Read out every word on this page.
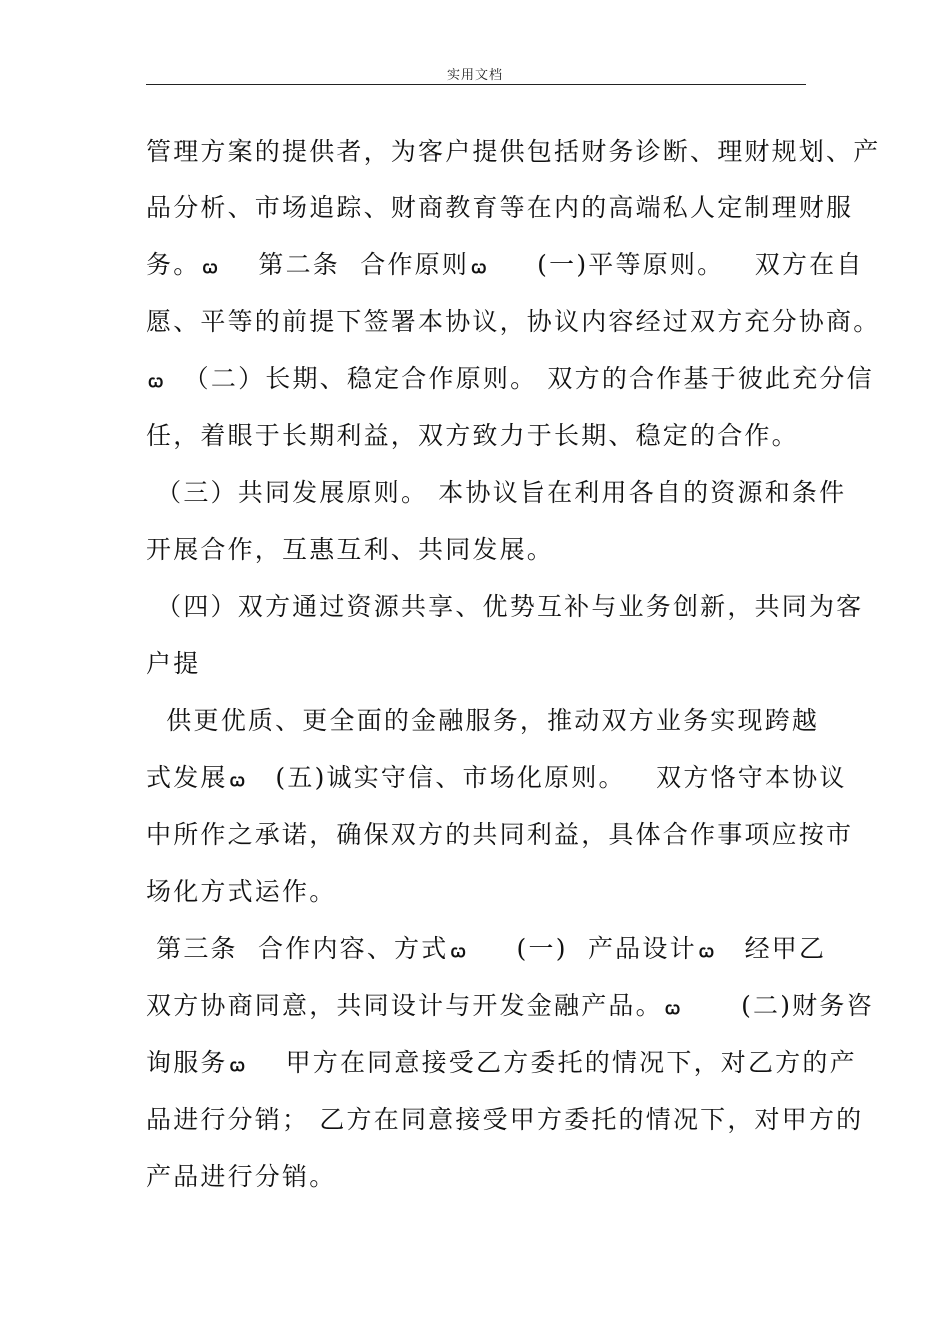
实用文档
管理方案的提供者，为客户提供包括财务诊断、理财规划、产
品分析、市场追踪、财商教育等在内的高端私人定制理财服
务。 ꞷ    第二条  合作原则 ꞷ     (一)平等原则。   双方在自
愿、平等的前提下签署本协议，协议内容经过双方充分协商。
ꞷ  （二）长期、稳定合作原则。 双方的合作基于彼此充分信
任，着眼于长期利益，双方致力于长期、稳定的合作。
（三）共同发展原则。 本协议旨在利用各自的资源和条件
开展合作，互惠互利、共同发展。
（四）双方通过资源共享、优势互补与业务创新，共同为客
户提
供更优质、更全面的金融服务，推动双方业务实现跨越
式发展 ꞷ   (五)诚实守信、市场化原则。   双方恪守本协议
中所作之承诺，确保双方的共同利益，具体合作事项应按市
场化方式运作。
第三条  合作内容、方式 ꞷ     (一)  产品设计 ꞷ   经甲乙
双方协商同意，共同设计与开发金融产品。 ꞷ      (二)财务咨
询服务 ꞷ    甲方在同意接受乙方委托的情况下，对乙方的产
品进行分销； 乙方在同意接受甲方委托的情况下，对甲方的
产品进行分销。
